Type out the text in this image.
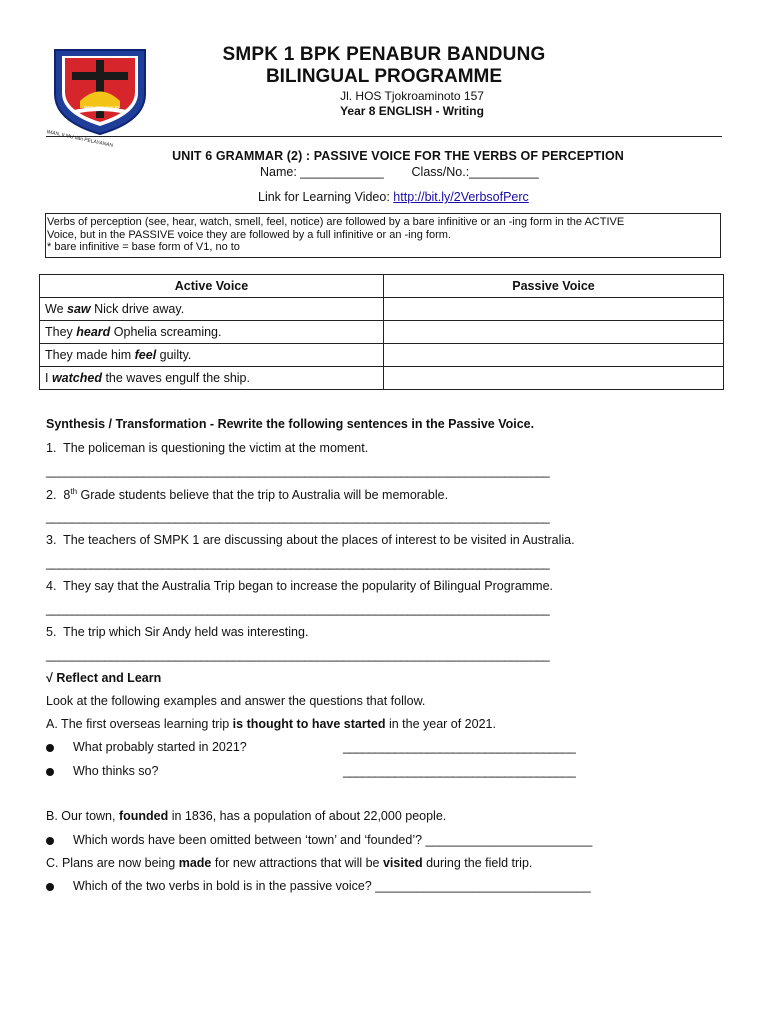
BPK PENABUR
IMAN, ILMU dan PELAYANAN
SMPK 1 BPK PENABUR BANDUNG
BILINGUAL PROGRAMME
Jl. HOS Tjokroaminoto 157
Year 8 ENGLISH - Writing
UNIT 6 GRAMMAR (2) : PASSIVE VOICE FOR THE VERBS OF PERCEPTION
Name: ____________ Class/No.:__________
Link for Learning Video: http://bit.ly/2VerbsofPerc
Verbs of perception (see, hear, watch, smell, feel, notice) are followed by a bare infinitive or an -ing form in the ACTIVE
Voice, but in the PASSIVE voice they are followed by a full infinitive or an -ing form.
* bare infinitive = base form of V1, no to
Active Voice	Passive Voice
We saw Nick drive away.	
They heard Ophelia screaming.	
They made him feel guilty.	
I watched the waves engulf the ship.	
Synthesis / Transformation - Rewrite the following sentences in the Passive Voice.
1. The policeman is questioning the victim at the moment.
______________________________________________________________________________
2. 8th Grade students believe that the trip to Australia will be memorable.
______________________________________________________________________________
3. The teachers of SMPK 1 are discussing about the places of interest to be visited in Australia.
______________________________________________________________________________
4. They say that the Australia Trip began to increase the popularity of Bilingual Programme.
______________________________________________________________________________
5. The trip which Sir Andy held was interesting.
______________________________________________________________________________
√ Reflect and Learn
Look at the following examples and answer the questions that follow.
A. The first overseas learning trip is thought to have started in the year of 2021.
What probably started in 2021?	____________________________________
Who thinks so?	____________________________________
B. Our town, founded in 1836, has a population of about 22,000 people.
Which words have been omitted between ‘town’ and ‘founded’? ________________________
C. Plans are now being made for new attractions that will be visited during the field trip.
Which of the two verbs in bold is in the passive voice? _______________________________
